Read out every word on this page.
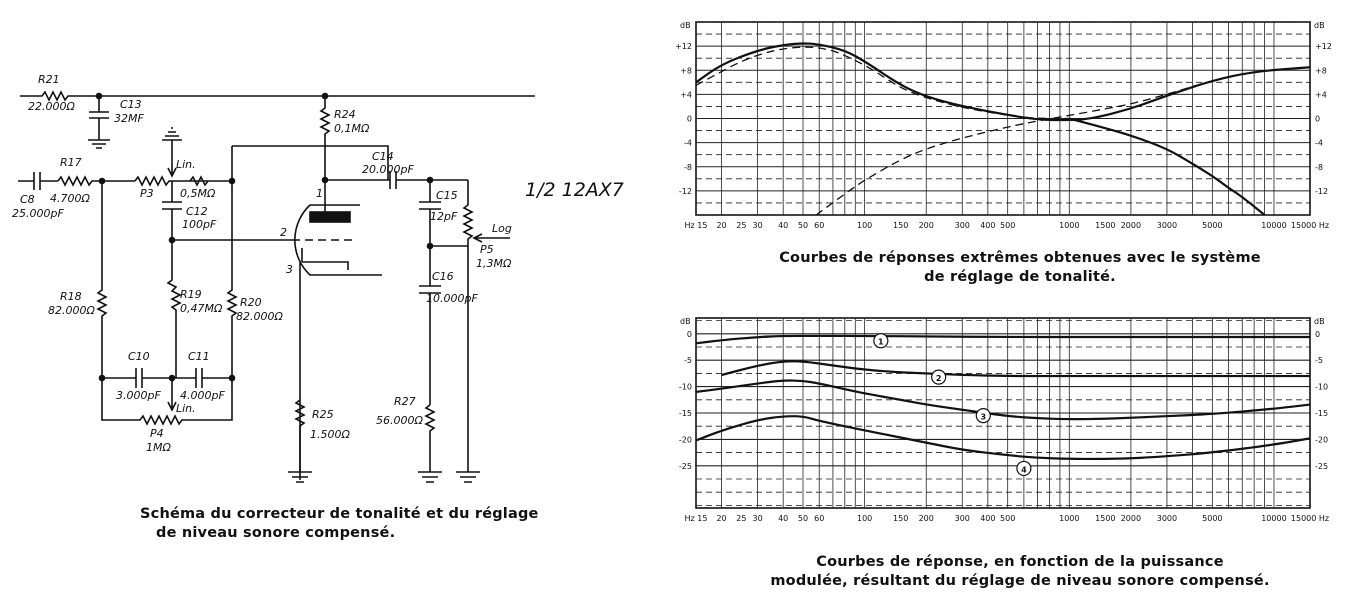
R21
22.000Ω	C13
32MF
R17
4.700Ω
C8
25.000pF
P3
Lin.
0,5MΩ
C12
100pF
R24
0,1MΩ
C14
20.000pF
C15
12pF
Log
P5
1,3MΩ
C16
10.000pF
R18
82.000Ω
R19
0,47MΩ R20
82.000Ω
C10
3.000pF
C11
4.000pF
Lin.
P4
1MΩ
R25
1.500Ω
R27
56.000Ω
1
2
3
1/2 12AX7
Schéma du correcteur de tonalité et du réglage
de niveau sonore compensé.
Hz 15 20 25 30 40 50 60	100	150 200	300 400 500	1000 1500 2000 3000	5000	10000 15000 Hz
+12
+8
+4
0
-4
-8
-12
+12
+8
+4
0
-4
-8
-12
dB	dB
Courbes de réponses extrêmes obtenues avec le système
de réglage de tonalité.
Hz 15 20 25 30 40 50 60	100	150 200	300 400 500	1000 1500 2000 3000	5000	10000 15000 Hz
0
-5
-10
-15
-20
-25
0
-5
-10
-15
-20
-25
dB	dB
1
2
3
4
Courbes de réponse, en fonction de la puissance
modulée, résultant du réglage de niveau sonore compensé.
